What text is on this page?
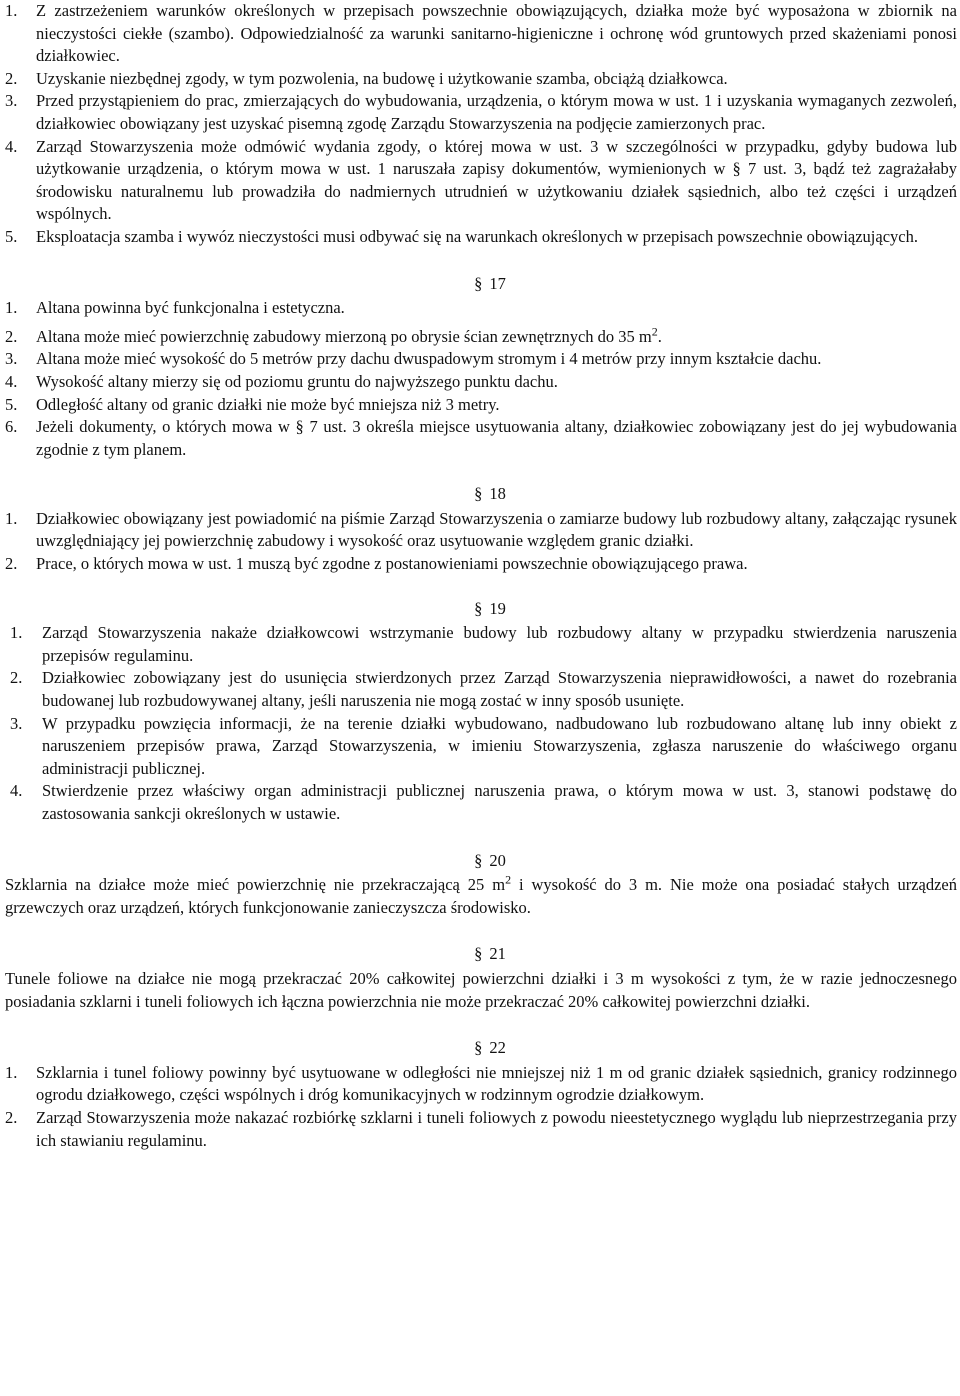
1.	Z zastrzeżeniem warunków określonych w przepisach powszechnie obowiązujących, działka może być wyposażona w zbiornik na nieczystości ciekłe (szambo). Odpowiedzialność za warunki sanitarno-higieniczne i ochronę wód gruntowych przed skażeniami ponosi działkowiec.
2.	Uzyskanie niezbędnej zgody, w tym pozwolenia, na budowę i użytkowanie szamba, obciążą działkowca.
3.	Przed przystąpieniem do prac, zmierzających do wybudowania, urządzenia, o którym mowa w ust. 1 i uzyskania wymaganych zezwoleń, działkowiec obowiązany jest uzyskać pisemną zgodę Zarządu Stowarzyszenia na podjęcie zamierzonych prac.
4.	Zarząd Stowarzyszenia może odmówić wydania zgody, o której mowa w ust. 3 w szczególności w przypadku, gdyby budowa lub użytkowanie urządzenia, o którym mowa w ust. 1 naruszała zapisy dokumentów, wymienionych w § 7 ust. 3, bądź też zagrażałaby środowisku naturalnemu lub prowadziła do nadmiernych utrudnień w użytkowaniu działek sąsiednich, albo też części i urządzeń wspólnych.
5.	Eksploatacja szamba i wywóz nieczystości musi odbywać się na warunkach określonych w przepisach powszechnie obowiązujących.
§ 17
1.	Altana powinna być funkcjonalna i estetyczna.
2.	Altana może mieć powierzchnię zabudowy mierzoną po obrysie ścian zewnętrznych do 35 $m^2$.
3.	Altana może mieć wysokość do 5 metrów przy dachu dwuspadowym stromym i 4 metrów przy innym kształcie dachu.
4.	Wysokość altany mierzy się od poziomu gruntu do najwyższego punktu dachu.
5.	Odległość altany od granic działki nie może być mniejsza niż 3 metry.
6.	Jeżeli dokumenty, o których mowa w § 7 ust. 3 określa miejsce usytuowania altany, działkowiec zobowiązany jest do jej wybudowania zgodnie z tym planem.
§ 18
1.	Działkowiec obowiązany jest powiadomić na piśmie Zarząd Stowarzyszenia o zamiarze budowy lub rozbudowy altany, załączając rysunek uwzględniający jej powierzchnię zabudowy i wysokość oraz usytuowanie względem granic działki.
2.	Prace, o których mowa w ust. 1 muszą być zgodne z postanowieniami powszechnie obowiązującego prawa.
§ 19
1.	Zarząd Stowarzyszenia nakaże działkowcowi wstrzymanie budowy lub rozbudowy altany w przypadku stwierdzenia naruszenia przepisów regulaminu.
2.	Działkowiec zobowiązany jest do usunięcia stwierdzonych przez Zarząd Stowarzyszenia nieprawidłowości, a nawet do rozebrania budowanej lub rozbudowywanej altany, jeśli naruszenia nie mogą zostać w inny sposób usunięte.
3.	W przypadku powzięcia informacji, że na terenie działki wybudowano, nadbudowano lub rozbudowano altanę lub inny obiekt z naruszeniem przepisów prawa, Zarząd Stowarzyszenia, w imieniu Stowarzyszenia, zgłasza naruszenie do właściwego organu administracji publicznej.
4.	Stwierdzenie przez właściwy organ administracji publicznej naruszenia prawa, o którym mowa w ust. 3, stanowi podstawę do zastosowania sankcji określonych w ustawie.
§ 20
Szklarnia na działce może mieć powierzchnię nie przekraczającą 25 $m^2$ i wysokość do 3 m. Nie może ona posiadać stałych urządzeń grzewczych oraz urządzeń, których funkcjonowanie zanieczyszcza środowisko.
§ 21
Tunele foliowe na działce nie mogą przekraczać 20% całkowitej powierzchni działki i 3 m wysokości z tym, że w razie jednoczesnego posiadania szklarni i tuneli foliowych ich łączna powierzchnia nie może przekraczać 20% całkowitej powierzchni działki.
§ 22
1.	Szklarnia i tunel foliowy powinny być usytuowane w odległości nie mniejszej niż 1 m od granic działek sąsiednich, granicy rodzinnego ogrodu działkowego, części wspólnych i dróg komunikacyjnych w rodzinnym ogrodzie działkowym.
2.	Zarząd Stowarzyszenia może nakazać rozbiórkę szklarni i tuneli foliowych z powodu nieestetycznego wyglądu lub nieprzestrzegania przy ich stawianiu regulaminu.
